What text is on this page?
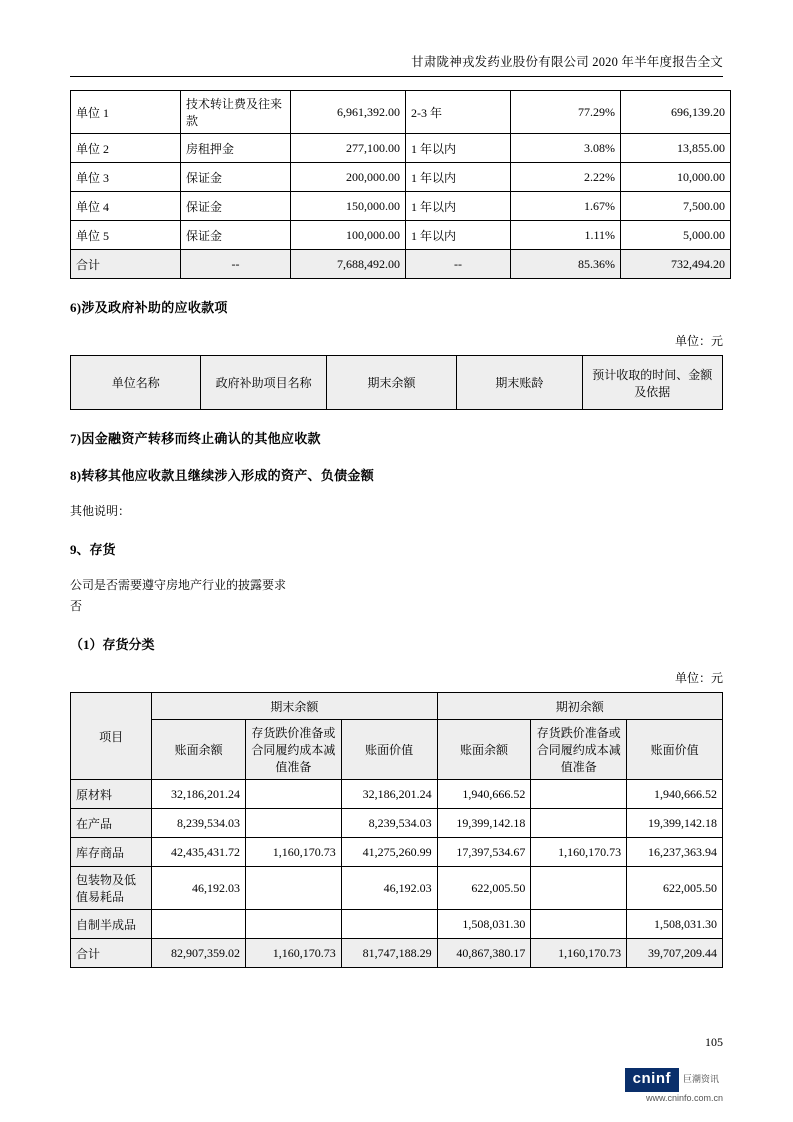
甘肃陇神戎发药业股份有限公司 2020 年半年度报告全文
单位 1	技术转让费及往来款	6,961,392.00	2-3 年	77.29%	696,139.20
单位 2	房租押金	277,100.00	1 年以内	3.08%	13,855.00
单位 3	保证金	200,000.00	1 年以内	2.22%	10,000.00
单位 4	保证金	150,000.00	1 年以内	1.67%	7,500.00
单位 5	保证金	100,000.00	1 年以内	1.11%	5,000.00
合计	--	7,688,492.00	--	85.36%	732,494.20
6)涉及政府补助的应收款项
单位：元
单位名称	政府补助项目名称	期末余额	期末账龄	预计收取的时间、金额及依据
7)因金融资产转移而终止确认的其他应收款
8)转移其他应收款且继续涉入形成的资产、负债金额
其他说明：
9、存货
公司是否需要遵守房地产行业的披露要求
否
（1）存货分类
单位：元
项目	期末余额			期初余额		
	账面余额	存货跌价准备或合同履约成本减值准备	账面价值	账面余额	存货跌价准备或合同履约成本减值准备	账面价值
原材料	32,186,201.24		32,186,201.24	1,940,666.52		1,940,666.52
在产品	8,239,534.03		8,239,534.03	19,399,142.18		19,399,142.18
库存商品	42,435,431.72	1,160,170.73	41,275,260.99	17,397,534.67	1,160,170.73	16,237,363.94
包装物及低值易耗品	46,192.03		46,192.03	622,005.50		622,005.50
自制半成品				1,508,031.30		1,508,031.30
合计	82,907,359.02	1,160,170.73	81,747,188.29	40,867,380.17	1,160,170.73	39,707,209.44
105
cninf 巨潮资讯
www.cninfo.com.cn
